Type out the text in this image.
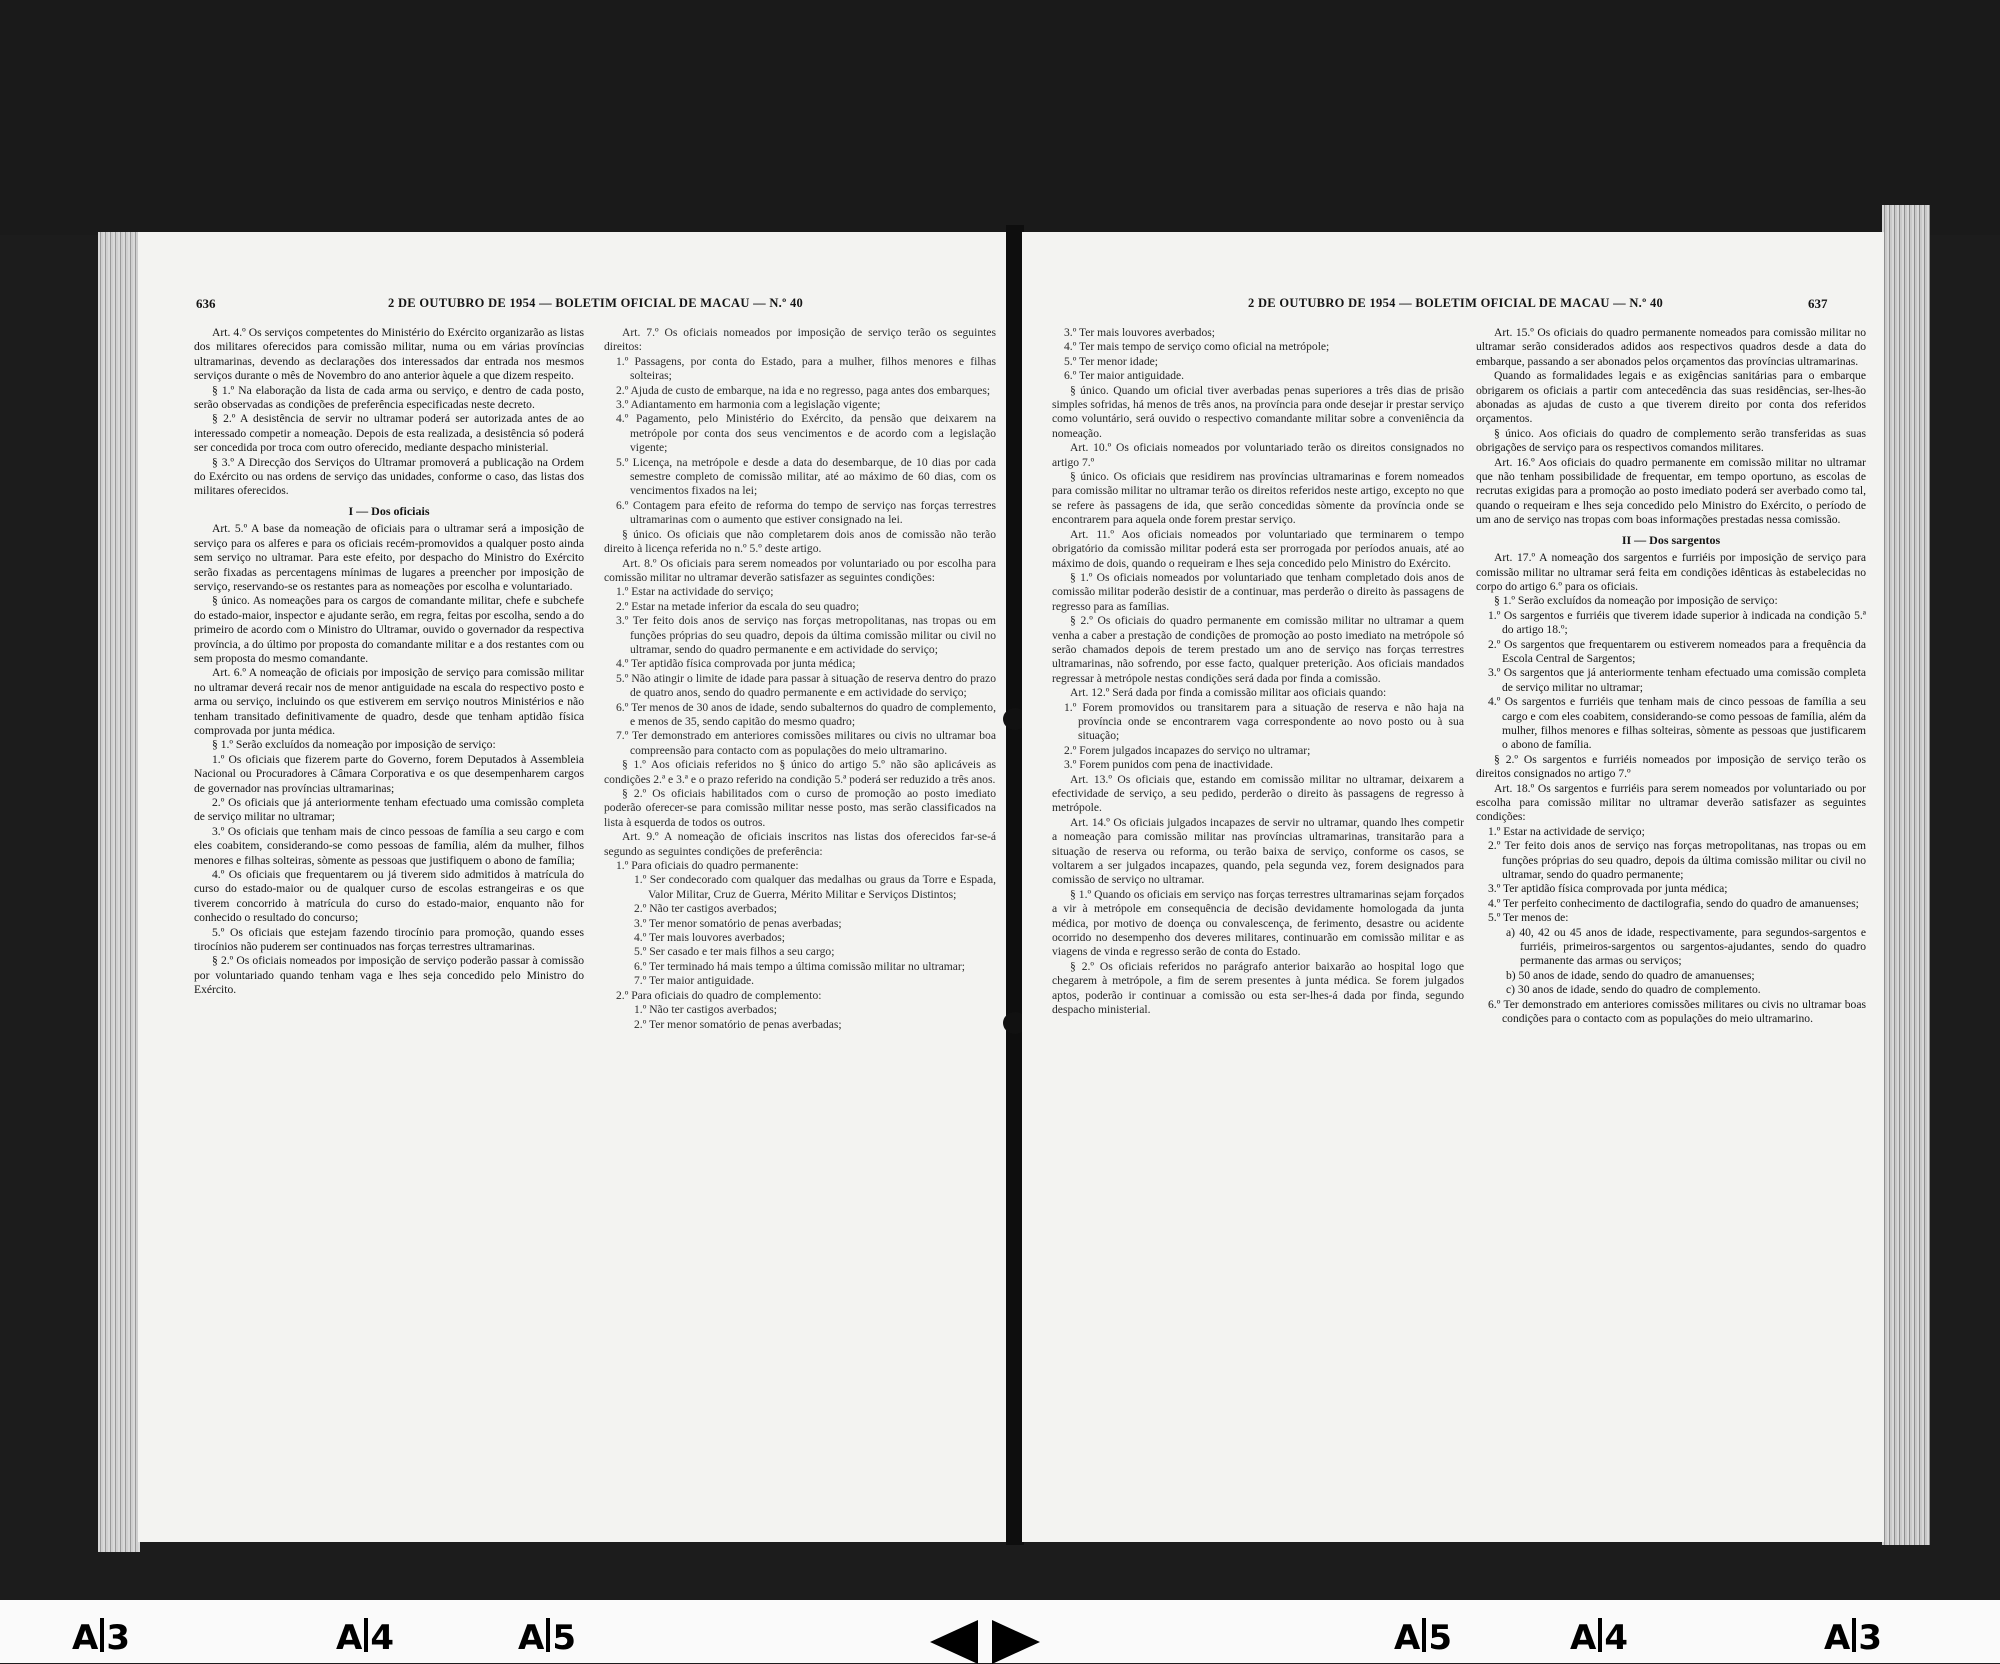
636	2 DE OUTUBRO DE 1954 — BOLETIM OFICIAL DE MACAU — N.º 40

Art. 4.º Os serviços competentes do Ministério do Exército organizarão as listas dos militares oferecidos para comissão militar, numa ou em várias províncias ultramarinas, devendo as declarações dos interessados dar entrada nos mesmos serviços durante o mês de Novembro do ano anterior àquele a que dizem respeito.

§ 1.º Na elaboração da lista de cada arma ou serviço, e dentro de cada posto, serão observadas as condições de preferência especificadas neste decreto.

§ 2.º A desistência de servir no ultramar poderá ser autorizada antes de ao interessado competir a nomeação. Depois de esta realizada, a desistência só poderá ser concedida por troca com outro oferecido, mediante despacho ministerial.

§ 3.º A Direcção dos Serviços do Ultramar promoverá a publicação na Ordem do Exército ou nas ordens de serviço das unidades, conforme o caso, das listas dos militares oferecidos.

I — Dos oficiais

Art. 5.º A base da nomeação de oficiais para o ultramar será a imposição de serviço para os alferes e para os oficiais recém-promovidos a qualquer posto ainda sem serviço no ultramar. Para este efeito, por despacho do Ministro do Exército serão fixadas as percentagens mínimas de lugares a preencher por imposição de serviço, reservando-se os restantes para as nomeações por escolha e voluntariado.

§ único. As nomeações para os cargos de comandante militar, chefe e subchefe do estado-maior, inspector e ajudante serão, em regra, feitas por escolha, sendo a do primeiro de acordo com o Ministro do Ultramar, ouvido o governador da respectiva província, a do último por proposta do comandante militar e a dos restantes com ou sem proposta do mesmo comandante.

Art. 6.º A nomeação de oficiais por imposição de serviço para comissão militar no ultramar deverá recair nos de menor antiguidade na escala do respectivo posto e arma ou serviço, incluindo os que estiverem em serviço noutros Ministérios e não tenham transitado definitivamente de quadro, desde que tenham aptidão física comprovada por junta médica.

§ 1.º Serão excluídos da nomeação por imposição de serviço:

1.º Os oficiais que fizerem parte do Governo, forem Deputados à Assembleia Nacional ou Procuradores à Câmara Corporativa e os que desempenharem cargos de governador nas províncias ultramarinas;

2.º Os oficiais que já anteriormente tenham efectuado uma comissão completa de serviço militar no ultramar;

3.º Os oficiais que tenham mais de cinco pessoas de família a seu cargo e com eles coabitem, considerando-se como pessoas de família, além da mulher, filhos menores e filhas solteiras, sòmente as pessoas que justifiquem o abono de família;

4.º Os oficiais que frequentarem ou já tiverem sido admitidos à matrícula do curso do estado-maior ou de qualquer curso de escolas estrangeiras e os que tiverem concorrido à matrícula do curso do estado-maior, enquanto não for conhecido o resultado do concurso;

5.º Os oficiais que estejam fazendo tirocínio para promoção, quando esses tirocínios não puderem ser continuados nas forças terrestres ultramarinas.

§ 2.º Os oficiais nomeados por imposição de serviço poderão passar à comissão por voluntariado quando tenham vaga e lhes seja concedido pelo Ministro do Exército.

Art. 7.º Os oficiais nomeados por imposição de serviço terão os seguintes direitos:

1.º Passagens, por conta do Estado, para a mulher, filhos menores e filhas solteiras;

2.º Ajuda de custo de embarque, na ida e no regresso, paga antes dos embarques;

3.º Adiantamento em harmonia com a legislação vigente;

4.º Pagamento, pelo Ministério do Exército, da pensão que deixarem na metrópole por conta dos seus vencimentos e de acordo com a legislação vigente;

5.º Licença, na metrópole e desde a data do desembarque, de 10 dias por cada semestre completo de comissão militar, até ao máximo de 60 dias, com os vencimentos fixados na lei;

6.º Contagem para efeito de reforma do tempo de serviço nas forças terrestres ultramarinas com o aumento que estiver consignado na lei.

§ único. Os oficiais que não completarem dois anos de comissão não terão direito à licença referida no n.º 5.º deste artigo.

Art. 8.º Os oficiais para serem nomeados por voluntariado ou por escolha para comissão militar no ultramar deverão satisfazer as seguintes condições:

1.º Estar na actividade do serviço;

2.º Estar na metade inferior da escala do seu quadro;

3.º Ter feito dois anos de serviço nas forças metropolitanas, nas tropas ou em funções próprias do seu quadro, depois da última comissão militar ou civil no ultramar, sendo do quadro permanente e em actividade do serviço;

4.º Ter aptidão física comprovada por junta médica;

5.º Não atingir o limite de idade para passar à situação de reserva dentro do prazo de quatro anos, sendo do quadro permanente e em actividade do serviço;

6.º Ter menos de 30 anos de idade, sendo subalternos do quadro de complemento, e menos de 35, sendo capitão do mesmo quadro;

7.º Ter demonstrado em anteriores comissões militares ou civis no ultramar boa compreensão para contacto com as populações do meio ultramarino.

§ 1.º Aos oficiais referidos no § único do artigo 5.º não são aplicáveis as condições 2.ª e 3.ª e o prazo referido na condição 5.ª poderá ser reduzido a três anos.

§ 2.º Os oficiais habilitados com o curso de promoção ao posto imediato poderão oferecer-se para comissão militar nesse posto, mas serão classificados na lista à esquerda de todos os outros.

Art. 9.º A nomeação de oficiais inscritos nas listas dos oferecidos far-se-á segundo as seguintes condições de preferência:

1.º Para oficiais do quadro permanente:

1.º Ser condecorado com qualquer das medalhas ou graus da Torre e Espada, Valor Militar, Cruz de Guerra, Mérito Militar e Serviços Distintos;

2.º Não ter castigos averbados;

3.º Ter menor somatório de penas averbadas;

4.º Ter mais louvores averbados;

5.º Ser casado e ter mais filhos a seu cargo;

6.º Ter terminado há mais tempo a última comissão militar no ultramar;

7.º Ter maior antiguidade.

2.º Para oficiais do quadro de complemento:

1.º Não ter castigos averbados;

2.º Ter menor somatório de penas averbadas;

2 DE OUTUBRO DE 1954 — BOLETIM OFICIAL DE MACAU — N.º 40	637

3.º Ter mais louvores averbados;

4.º Ter mais tempo de serviço como oficial na metrópole;

5.º Ter menor idade;

6.º Ter maior antiguidade.

§ único. Quando um oficial tiver averbadas penas superiores a três dias de prisão simples sofridas, há menos de três anos, na província para onde desejar ir prestar serviço como voluntário, será ouvido o respectivo comandante militar sobre a conveniência da nomeação.

Art. 10.º Os oficiais nomeados por voluntariado terão os direitos consignados no artigo 7.º

§ único. Os oficiais que residirem nas províncias ultramarinas e forem nomeados para comissão militar no ultramar terão os direitos referidos neste artigo, excepto no que se refere às passagens de ida, que serão concedidas sòmente da província onde se encontrarem para aquela onde forem prestar serviço.

Art. 11.º Aos oficiais nomeados por voluntariado que terminarem o tempo obrigatório da comissão militar poderá esta ser prorrogada por períodos anuais, até ao máximo de dois, quando o requeiram e lhes seja concedido pelo Ministro do Exército.

§ 1.º Os oficiais nomeados por voluntariado que tenham completado dois anos de comissão militar poderão desistir de a continuar, mas perderão o direito às passagens de regresso para as famílias.

§ 2.º Os oficiais do quadro permanente em comissão militar no ultramar a quem venha a caber a prestação de condições de promoção ao posto imediato na metrópole só serão chamados depois de terem prestado um ano de serviço nas forças terrestres ultramarinas, não sofrendo, por esse facto, qualquer preterição. Aos oficiais mandados regressar à metrópole nestas condições será dada por finda a comissão.

Art. 12.º Será dada por finda a comissão militar aos oficiais quando:

1.º Forem promovidos ou transitarem para a situação de reserva e não haja na província onde se encontrarem vaga correspondente ao novo posto ou à sua situação;

2.º Forem julgados incapazes do serviço no ultramar;

3.º Forem punidos com pena de inactividade.

Art. 13.º Os oficiais que, estando em comissão militar no ultramar, deixarem a efectividade de serviço, a seu pedido, perderão o direito às passagens de regresso à metrópole.

Art. 14.º Os oficiais julgados incapazes de servir no ultramar, quando lhes competir a nomeação para comissão militar nas províncias ultramarinas, transitarão para a situação de reserva ou reforma, ou terão baixa de serviço, conforme os casos, se voltarem a ser julgados incapazes, quando, pela segunda vez, forem designados para comissão de serviço no ultramar.

§ 1.º Quando os oficiais em serviço nas forças terrestres ultramarinas sejam forçados a vir à metrópole em consequência de decisão devidamente homologada da junta médica, por motivo de doença ou convalescença, de ferimento, desastre ou acidente ocorrido no desempenho dos deveres militares, continuarão em comissão militar e as viagens de vinda e regresso serão de conta do Estado.

§ 2.º Os oficiais referidos no parágrafo anterior baixarão ao hospital logo que chegarem à metrópole, a fim de serem presentes à junta médica. Se forem julgados aptos, poderão ir continuar a comissão ou esta ser-lhes-á dada por finda, segundo despacho ministerial.

Art. 15.º Os oficiais do quadro permanente nomeados para comissão militar no ultramar serão considerados adidos aos respectivos quadros desde a data do embarque, passando a ser abonados pelos orçamentos das províncias ultramarinas.

Quando as formalidades legais e as exigências sanitárias para o embarque obrigarem os oficiais a partir com antecedência das suas residências, ser-lhes-ão abonadas as ajudas de custo a que tiverem direito por conta dos referidos orçamentos.

§ único. Aos oficiais do quadro de complemento serão transferidas as suas obrigações de serviço para os respectivos comandos militares.

Art. 16.º Aos oficiais do quadro permanente em comissão militar no ultramar que não tenham possibilidade de frequentar, em tempo oportuno, as escolas de recrutas exigidas para a promoção ao posto imediato poderá ser averbado como tal, quando o requeiram e lhes seja concedido pelo Ministro do Exército, o período de um ano de serviço nas tropas com boas informações prestadas nessa comissão.

II — Dos sargentos

Art. 17.º A nomeação dos sargentos e furriéis por imposição de serviço para comissão militar no ultramar será feita em condições idênticas às estabelecidas no corpo do artigo 6.º para os oficiais.

§ 1.º Serão excluídos da nomeação por imposição de serviço:

1.º Os sargentos e furriéis que tiverem idade superior à indicada na condição 5.ª do artigo 18.º;

2.º Os sargentos que frequentarem ou estiverem nomeados para a frequência da Escola Central de Sargentos;

3.º Os sargentos que já anteriormente tenham efectuado uma comissão completa de serviço militar no ultramar;

4.º Os sargentos e furriéis que tenham mais de cinco pessoas de família a seu cargo e com eles coabitem, considerando-se como pessoas de família, além da mulher, filhos menores e filhas solteiras, sòmente as pessoas que justificarem o abono de família.

§ 2.º Os sargentos e furriéis nomeados por imposição de serviço terão os direitos consignados no artigo 7.º

Art. 18.º Os sargentos e furriéis para serem nomeados por voluntariado ou por escolha para comissão militar no ultramar deverão satisfazer as seguintes condições:

1.º Estar na actividade de serviço;

2.º Ter feito dois anos de serviço nas forças metropolitanas, nas tropas ou em funções próprias do seu quadro, depois da última comissão militar ou civil no ultramar, sendo do quadro permanente;

3.º Ter aptidão física comprovada por junta médica;

4.º Ter perfeito conhecimento de dactilografia, sendo do quadro de amanuenses;

5.º Ter menos de:

a) 40, 42 ou 45 anos de idade, respectivamente, para segundos-sargentos e furriéis, primeiros-sargentos ou sargentos-ajudantes, sendo do quadro permanente das armas ou serviços;

b) 50 anos de idade, sendo do quadro de amanuenses;

c) 30 anos de idade, sendo do quadro de complemento.

6.º Ter demonstrado em anteriores comissões militares ou civis no ultramar boas condições para o contacto com as populações do meio ultramarino.

A 3	A 4	A 5	A 5	A 4	A 3
